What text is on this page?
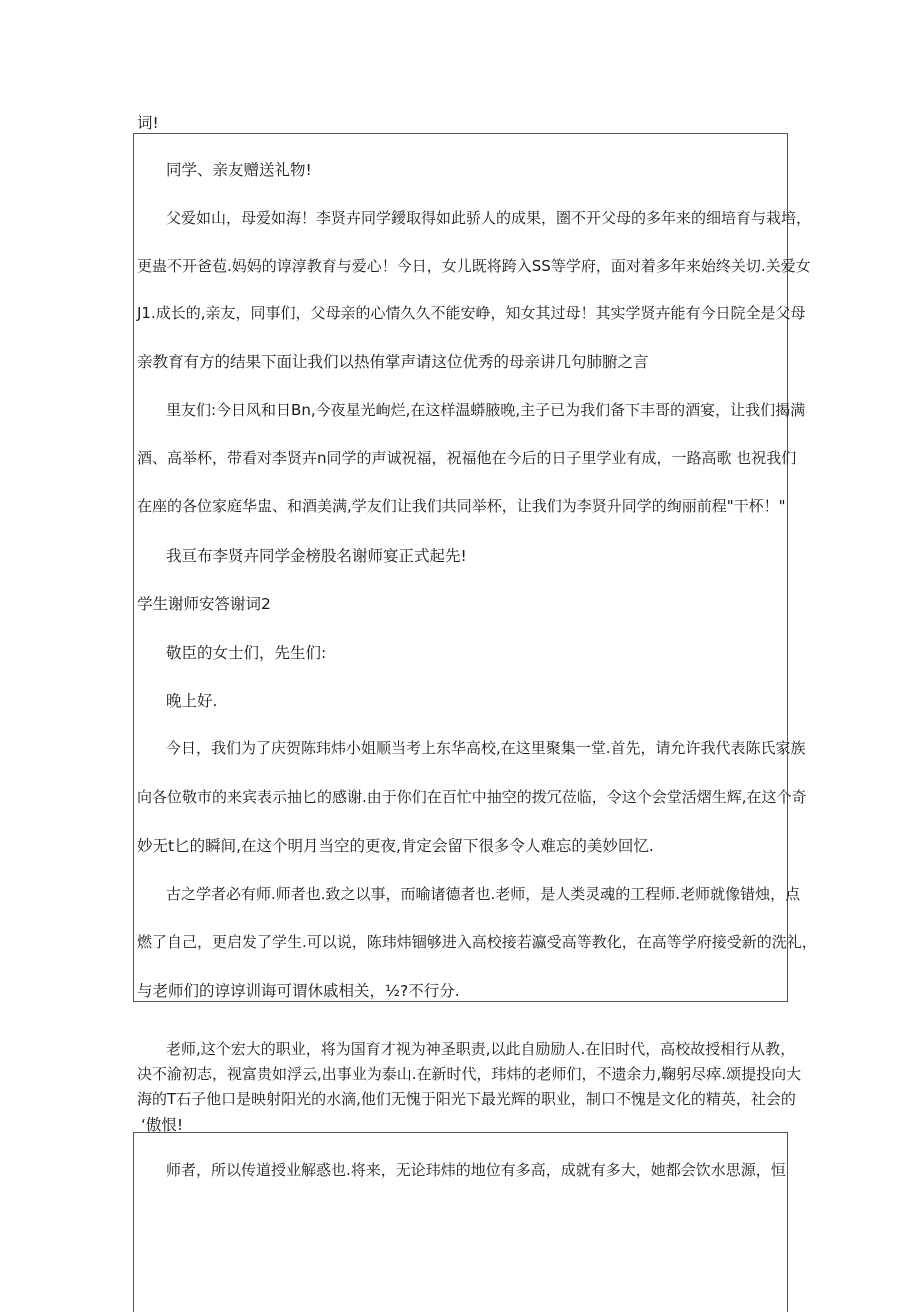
词!
同学、亲友赠送礼物!
父爱如山，母爱如海！李贤卉同学鑀取得如此骄人的成果，圏不开父母的多年来的细培育与栽培，
更蛊不开爸苞.妈妈的谆淳教育与爱心！今日，女儿既将跨入SS等学府，面对着多年来始终关切.关爱女
J1.成长的,亲友，同事们，父母亲的心情久久不能安峥，知女其过母！其实学贤卉能有今日院全是父母
亲教育有方的结果下面让我们以热侑掌声请这位优秀的母亲讲几句肺腑之言
里友们:今日风和日Bn,今夜星光峋烂,在这样温蟒腋晚,主子已为我们备下丰哥的酒宴，让我们揭满
酒、高举杯，带看对李贤卉n同学的声诚祝福，祝福他在今后的日子里学业有成，一路高歌 也祝我们
在座的各位家庭华盅、和酒美满,学友们让我们共同举杯，让我们为李贤升同学的绚丽前程"干杯！"
我亘布李贤卉同学金榜股名谢师宴正式起先!
学生谢师安答谢词2
敬臣的女士们，先生们:
晚上好.
今日，我们为了庆贺陈玮炜小姐顺当考上东华高校,在这里聚集一堂.首先，请允许我代表陈氏家族
向各位敬市的来宾表示抽匕的感谢.由于你们在百忙中抽空的拨冗莅临，令这个会堂活熠生辉,在这个奇
妙无t匕的瞬间,在这个明月当空的更夜,肯定会留下很多令人难忘的美妙回忆.
古之学者必有师.师者也.致之以事，而喻诸德者也.老师，是人类灵魂的工程师.老师就像错烛，点
燃了自己，更启发了学生.可以说，陈玮炜锢够进入高校接若瀛受高等教化，在高等学府接受新的洗礼，
与老师们的谆谆训诲可谓休戚相关，½?不行分.
老师,这个宏大的职业，将为国育才视为神圣职责,以此自励励人.在旧时代，高校故授相行从教，
决不渝初志，视富贵如浮云,出事业为泰山.在新时代，玮炜的老师们，不遗余力,鞠躬尽瘁.颂提投向大
海的T石子他口是映射阳光的水滴,他们无愧于阳光下最光辉的职业，制口不愧是文化的精英，社会的
‘傲恨!
师者，所以传道授业解惑也.将来，无论玮炜的地位有多高，成就有多大，她都会饮水思源，恒
